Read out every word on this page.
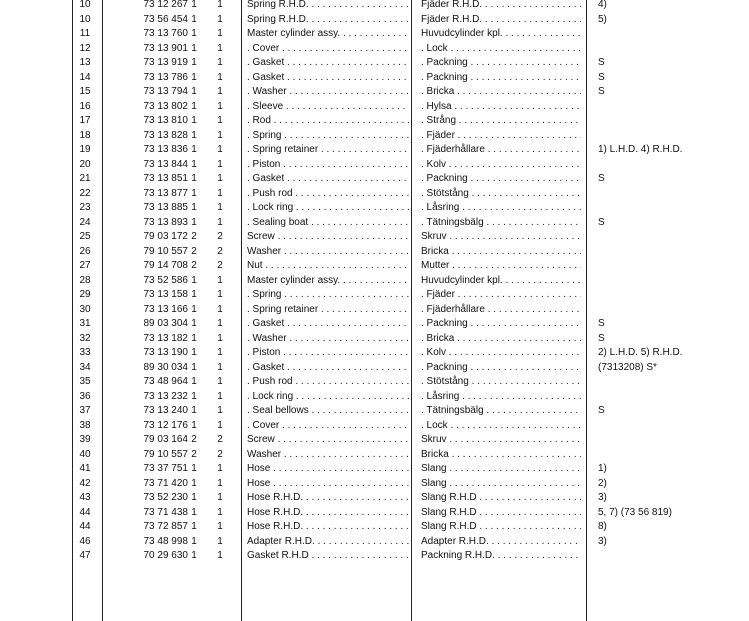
10	73 12 267 1	1	Spring R.H.D. . . .	Fjäder R.H.D. . . .	4)
10	73 56 454 1	1	Spring R.H.D. . . .	Fjäder R.H.D. . . .	5)
11	73 13 760 1	1	Master cylinder assy. . . .	Huvudcylinder kpl. . . .
12	73 13 901 1	1	. Cover . . .	. Lock . . .
13	73 13 919 1	1	. Gasket . . .	. Packning . . .	S
14	73 13 786 1	1	. Gasket . . .	. Packning . . .	S
15	73 13 794 1	1	. Washer . . .	. Bricka . . .	S
16	73 13 802 1	1	. Sleeve . . .	. Hylsa . . .
17	73 13 810 1	1	. Rod . . .	. Strång . . .
18	73 13 828 1	1	. Spring . . .	. Fjäder . . .
19	73 13 836 1	1	. Spring retainer . . .	. Fjäderhållare . . .	1) L.H.D. 4) R.H.D.
20	73 13 844 1	1	. Piston . . .	. Kolv . . .
21	73 13 851 1	1	. Gasket . . .	. Packning . . .	S
22	73 13 877 1	1	. Push rod . . .	. Stötstång . . .
23	73 13 885 1	1	. Lock ring . . .	. Låsring . . .
24	73 13 893 1	1	. Sealing boat . . .	. Tätningsbälg . . .	S
25	79 03 172 2	2	Screw . . .	Skruv . . .
26	79 10 557 2	2	Washer . . .	Bricka . . .
27	79 14 708 2	2	Nut . . .	Mutter . . .
28	73 52 586 1	1	Master cylinder assy. . . .	Huvudcylinder kpl. . . .
29	73 13 158 1	1	. Spring . . .	. Fjäder . . .
30	73 13 166 1	1	. Spring retainer . . .	. Fjäderhållare . . .
31	89 03 304 1	1	. Gasket . . .	. Packning . . .	S
32	73 13 182 1	1	. Washer . . .	. Bricka . . .	S
33	73 13 190 1	1	. Piston . . .	. Kolv . . .	2) L.H.D. 5) R.H.D.
34	89 30 034 1	1	. Gasket . . .	. Packning . . .	(7313208) S*
35	73 48 964 1	1	. Push rod . . .	. Stötstång . . .
36	73 13 232 1	1	. Lock ring . . .	. Låsring . . .
37	73 13 240 1	1	. Seal bellows . . .	. Tätningsbälg . . .	S
38	73 12 176 1	1	. Cover . . .	. Lock . . .
39	79 03 164 2	2	Screw . . .	Skruv . . .
40	79 10 557 2	2	Washer . . .	Bricka . . .
41	73 37 751 1	1	Hose . . .	Slang . . .	1)
42	73 71 420 1	1	Hose . . .	Slang . . .	2)
43	73 52 230 1	1	Hose R.H.D. . . .	Slang R.H.D . . .	3)
44	73 71 438 1	1	Hose R.H.D. . . .	Slang R.H.D . . .	5, 7) (73 56 819)
44	73 72 857 1	1	Hose R.H.D. . . .	Slang R.H.D . . .	8)
46	73 48 998 1	1	Adapter R.H.D. . . .	Adapter R.H.D. . . .	3)
47	70 29 630 1	1	Gasket R.H.D . . .	Packning R.H.D. . . .
